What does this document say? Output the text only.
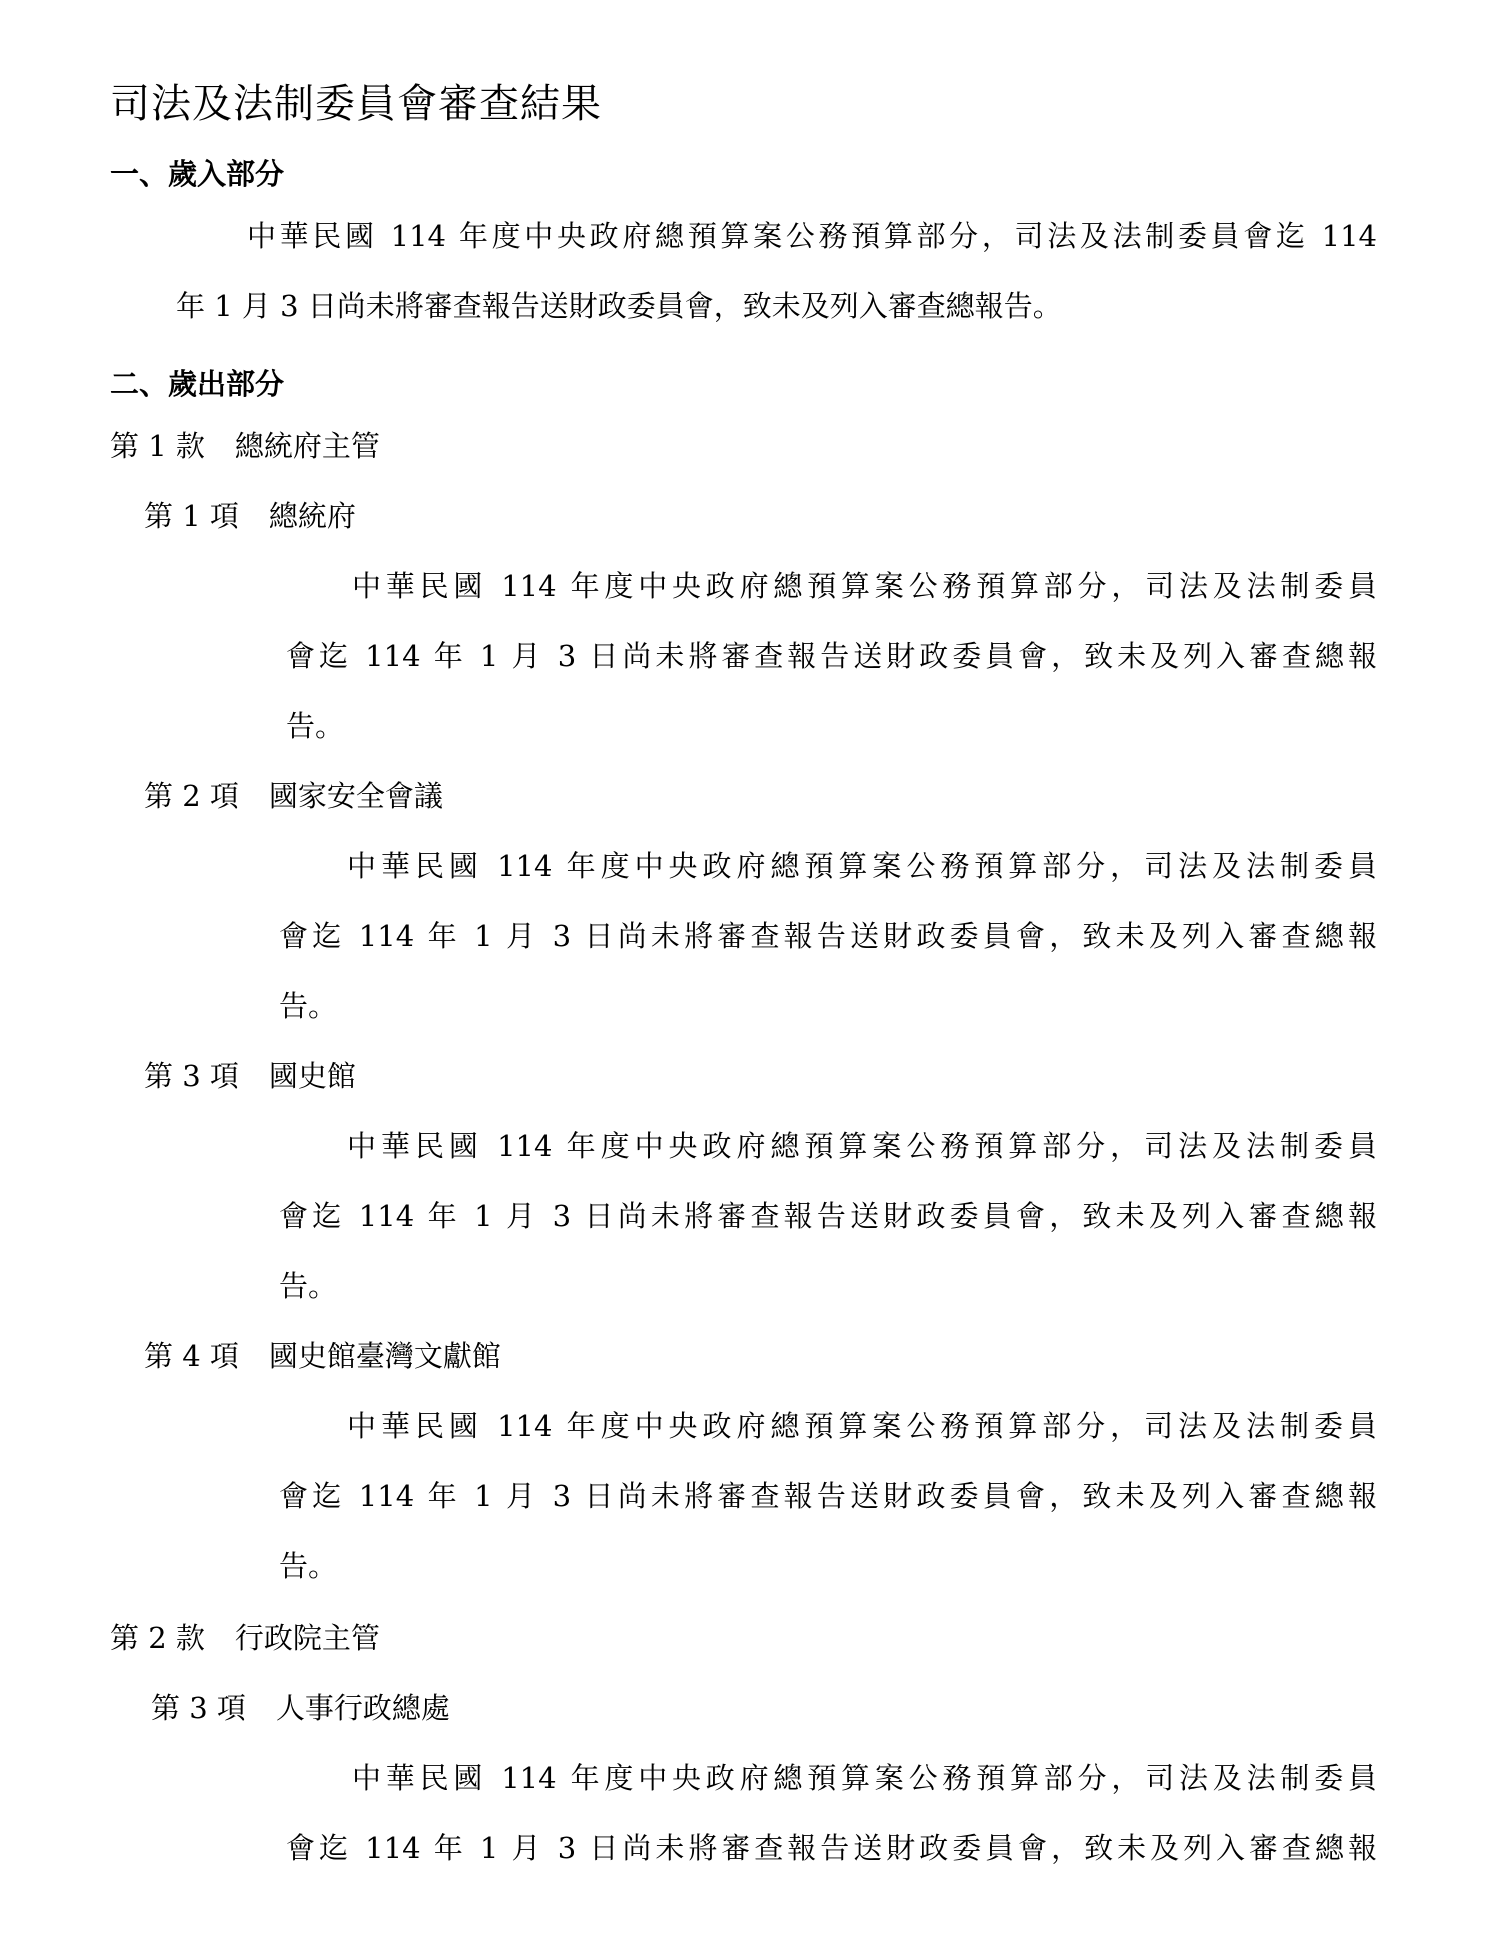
司法及法制委員會審查結果
一、歲入部分
中華民國 114 年度中央政府總預算案公務預算部分，司法及法制委員會迄 114
年 1 月 3 日尚未將審查報告送財政委員會，致未及列入審查總報告。
二、歲出部分
第 1 款 總統府主管
第 1 項 總統府
中華民國 114 年度中央政府總預算案公務預算部分，司法及法制委員
會迄 114 年 1 月 3 日尚未將審查報告送財政委員會，致未及列入審查總報
告。
第 2 項 國家安全會議
中華民國 114 年度中央政府總預算案公務預算部分，司法及法制委員
會迄 114 年 1 月 3 日尚未將審查報告送財政委員會，致未及列入審查總報
告。
第 3 項 國史館
中華民國 114 年度中央政府總預算案公務預算部分，司法及法制委員
會迄 114 年 1 月 3 日尚未將審查報告送財政委員會，致未及列入審查總報
告。
第 4 項 國史館臺灣文獻館
中華民國 114 年度中央政府總預算案公務預算部分，司法及法制委員
會迄 114 年 1 月 3 日尚未將審查報告送財政委員會，致未及列入審查總報
告。
第 2 款 行政院主管
第 3 項 人事行政總處
中華民國 114 年度中央政府總預算案公務預算部分，司法及法制委員
會迄 114 年 1 月 3 日尚未將審查報告送財政委員會，致未及列入審查總報
